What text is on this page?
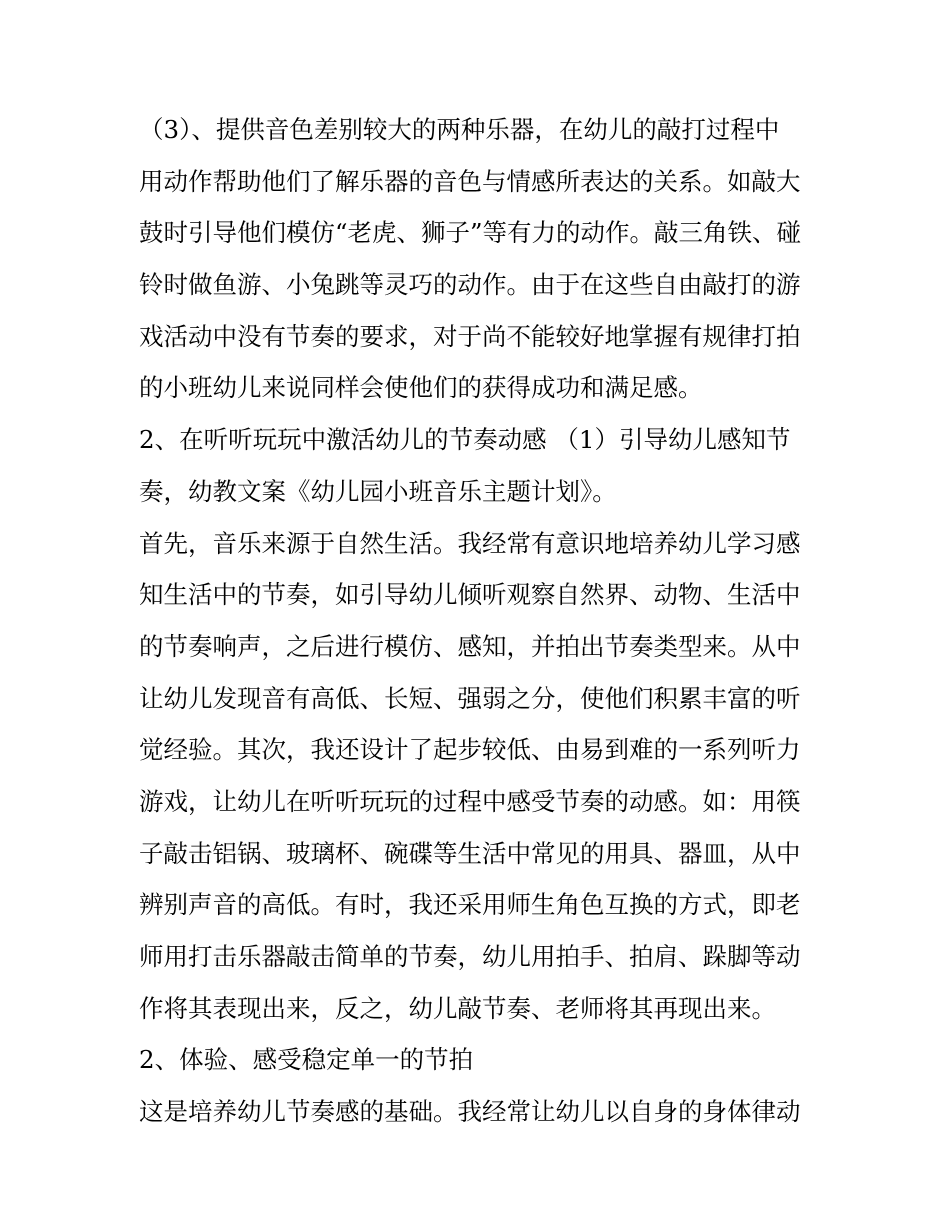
（3）、提供音色差别较大的两种乐器，在幼儿的敲打过程中
用动作帮助他们了解乐器的音色与情感所表达的关系。如敲大
鼓时引导他们模仿“老虎、狮子”等有力的动作。敲三角铁、碰
铃时做鱼游、小兔跳等灵巧的动作。由于在这些自由敲打的游
戏活动中没有节奏的要求，对于尚不能较好地掌握有规律打拍
的小班幼儿来说同样会使他们的获得成功和满足感。
2、在听听玩玩中激活幼儿的节奏动感 （1）引导幼儿感知节
奏，幼教文案《幼儿园小班音乐主题计划》。
首先，音乐来源于自然生活。我经常有意识地培养幼儿学习感
知生活中的节奏，如引导幼儿倾听观察自然界、动物、生活中
的节奏响声，之后进行模仿、感知，并拍出节奏类型来。从中
让幼儿发现音有高低、长短、强弱之分，使他们积累丰富的听
觉经验。其次，我还设计了起步较低、由易到难的一系列听力
游戏，让幼儿在听听玩玩的过程中感受节奏的动感。如：用筷
子敲击铝锅、玻璃杯、碗碟等生活中常见的用具、器皿，从中
辨别声音的高低。有时，我还采用师生角色互换的方式，即老
师用打击乐器敲击简单的节奏，幼儿用拍手、拍肩、跺脚等动
作将其表现出来，反之，幼儿敲节奏、老师将其再现出来。
2、体验、感受稳定单一的节拍
这是培养幼儿节奏感的基础。我经常让幼儿以自身的身体律动
